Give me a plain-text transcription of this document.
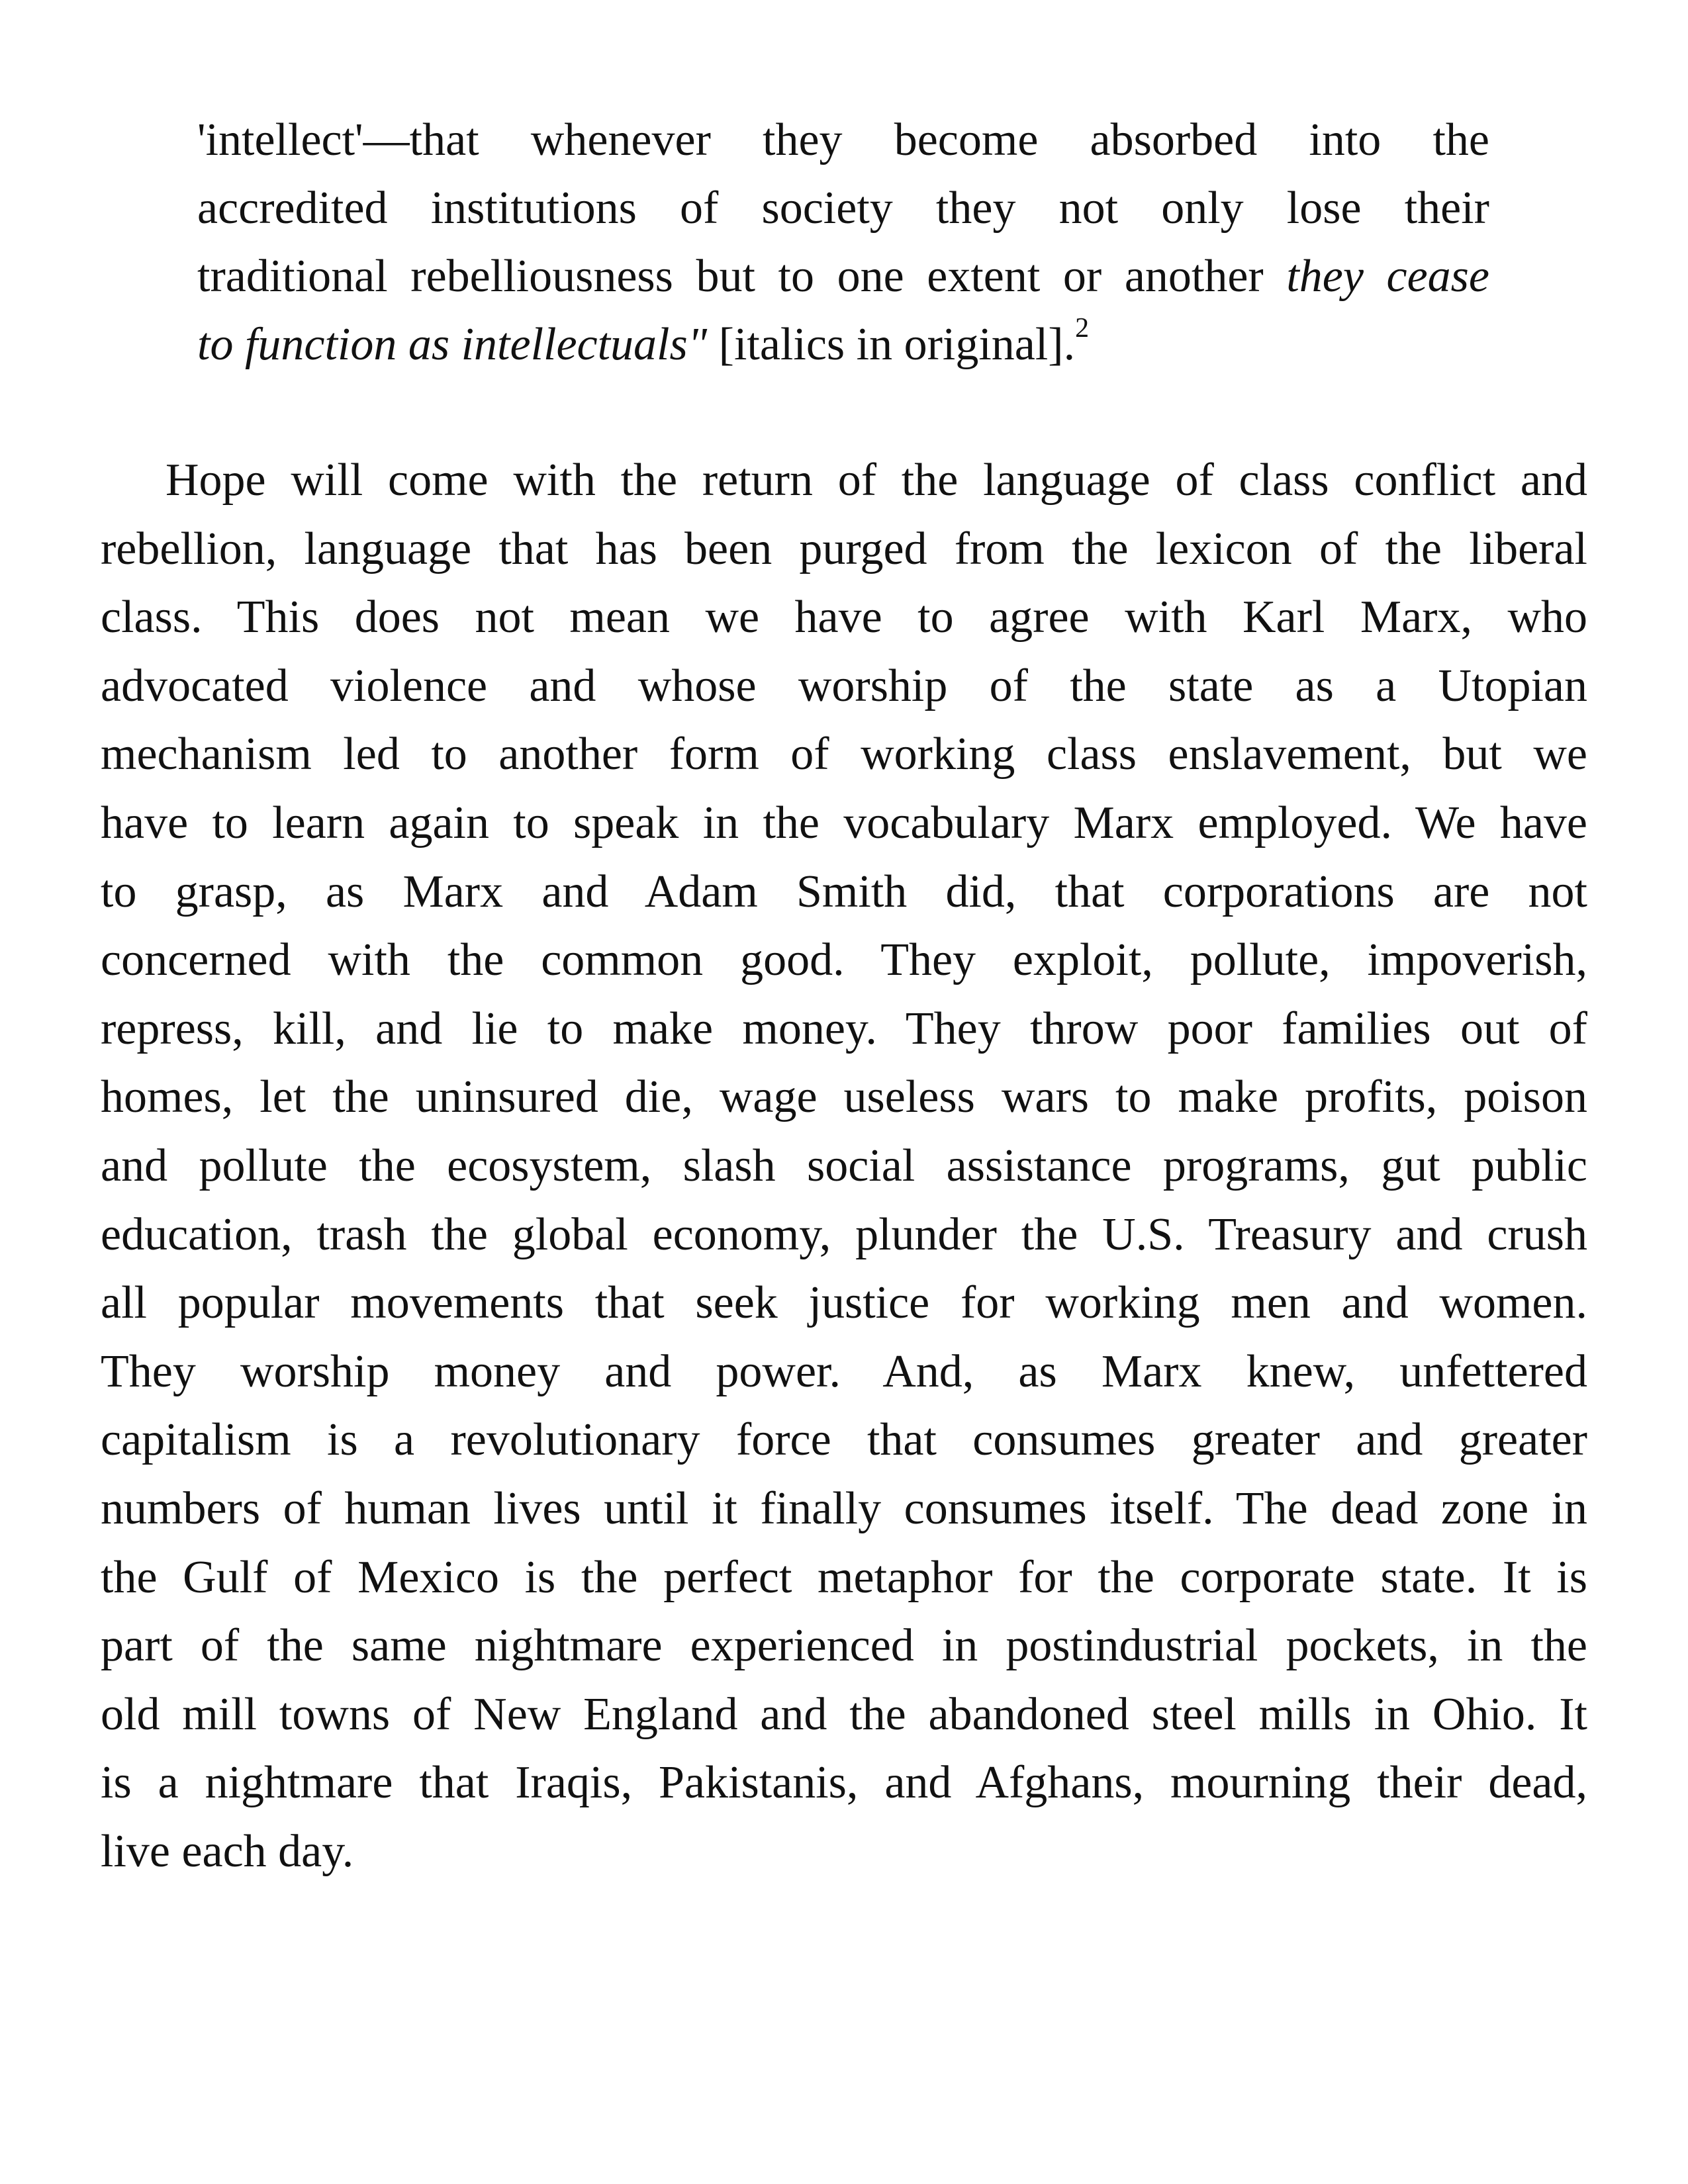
'intellect'—that whenever they become absorbed into the
accredited institutions of society they not only lose their
traditional rebelliousness but to one extent or another they cease
to function as intellectuals" [italics in original].$^2$
Hope will come with the return of the language of class conflict and
rebellion, language that has been purged from the lexicon of the liberal
class. This does not mean we have to agree with Karl Marx, who
advocated violence and whose worship of the state as a Utopian
mechanism led to another form of working class enslavement, but we
have to learn again to speak in the vocabulary Marx employed. We have
to grasp, as Marx and Adam Smith did, that corporations are not
concerned with the common good. They exploit, pollute, impoverish,
repress, kill, and lie to make money. They throw poor families out of
homes, let the uninsured die, wage useless wars to make profits, poison
and pollute the ecosystem, slash social assistance programs, gut public
education, trash the global economy, plunder the U.S. Treasury and crush
all popular movements that seek justice for working men and women.
They worship money and power. And, as Marx knew, unfettered
capitalism is a revolutionary force that consumes greater and greater
numbers of human lives until it finally consumes itself. The dead zone in
the Gulf of Mexico is the perfect metaphor for the corporate state. It is
part of the same nightmare experienced in postindustrial pockets, in the
old mill towns of New England and the abandoned steel mills in Ohio. It
is a nightmare that Iraqis, Pakistanis, and Afghans, mourning their dead,
live each day.
